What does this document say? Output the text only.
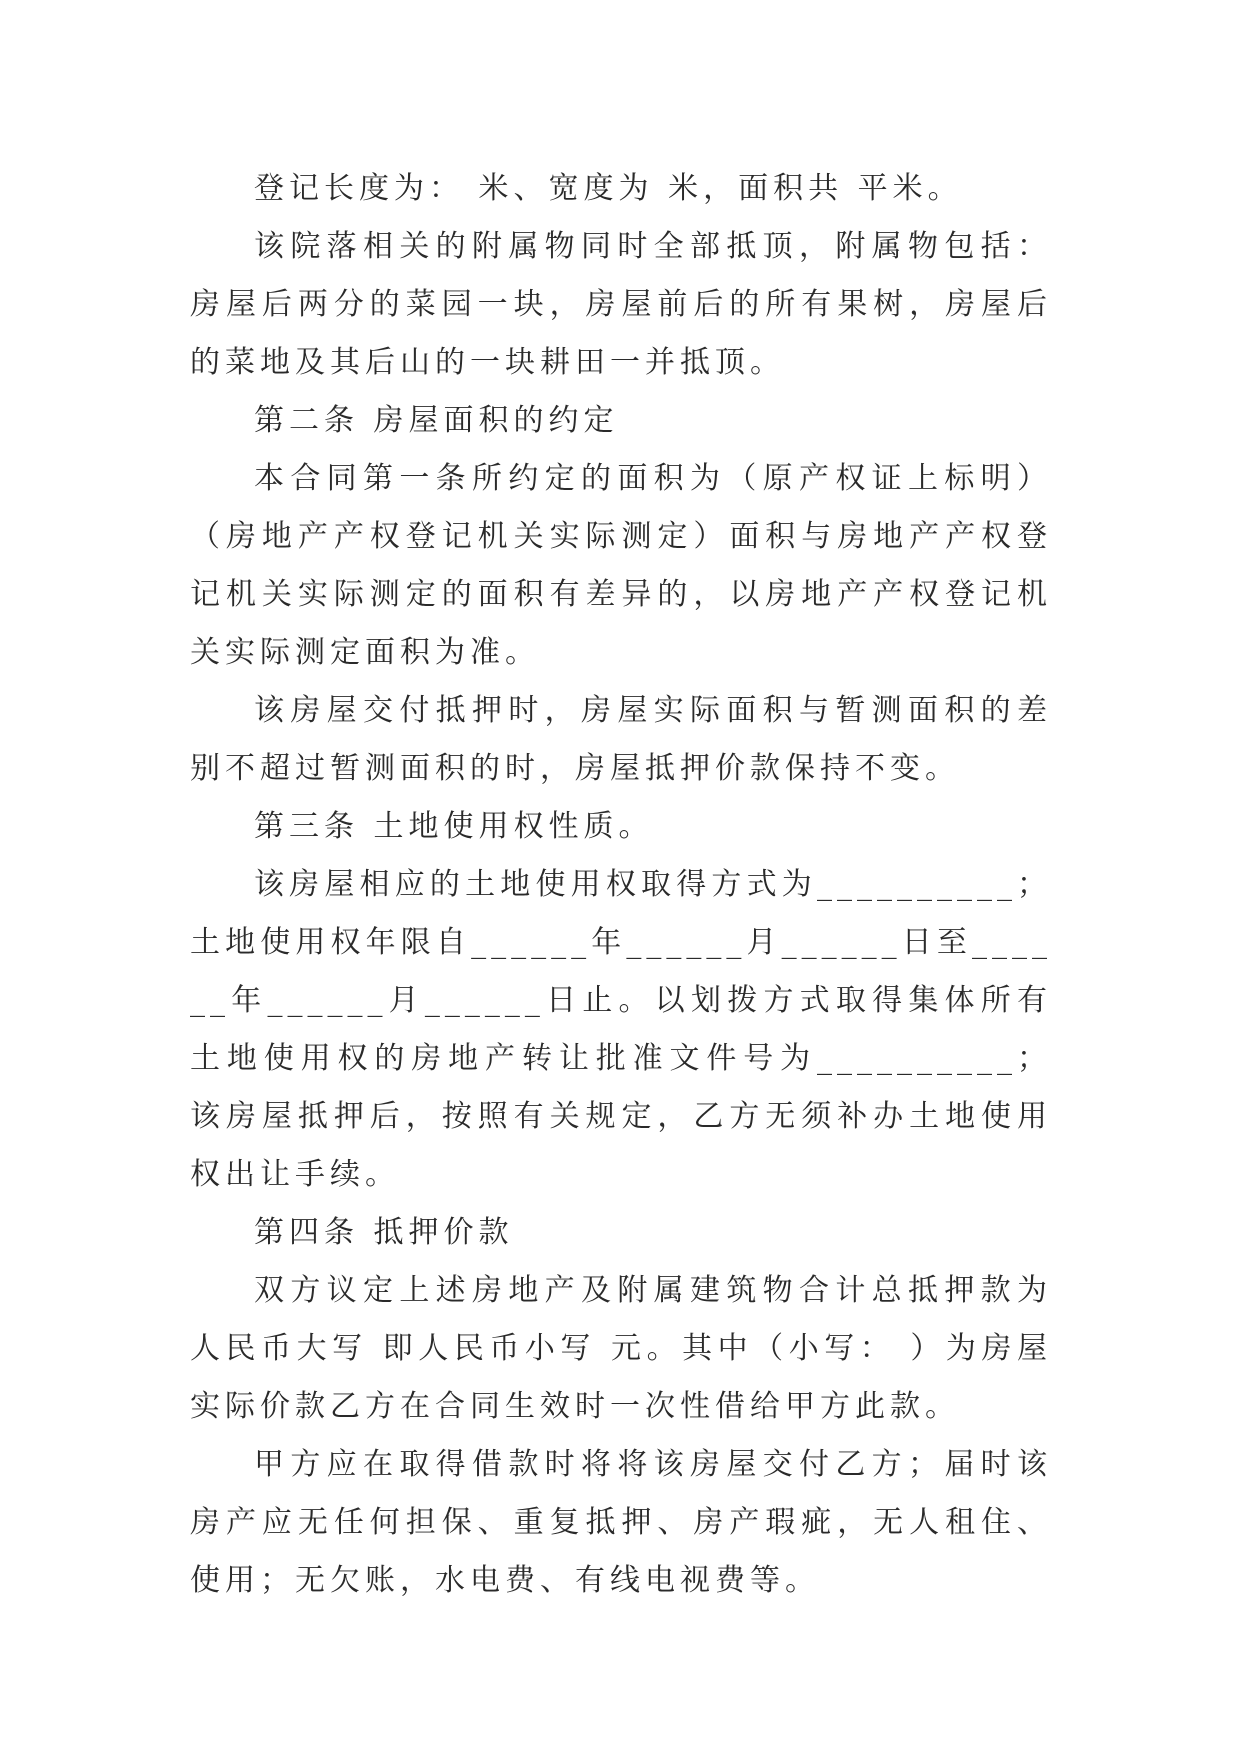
登记长度为： 米、宽度为 米，面积共 平米。

该院落相关的附属物同时全部抵顶，附属物包括：房屋后两分的菜园一块，房屋前后的所有果树，房屋后的菜地及其后山的一块耕田一并抵顶。

第二条 房屋面积的约定

本合同第一条所约定的面积为（原产权证上标明）（房地产产权登记机关实际测定）面积与房地产产权登记机关实际测定的面积有差异的，以房地产产权登记机关实际测定面积为准。

该房屋交付抵押时，房屋实际面积与暂测面积的差别不超过暂测面积的时，房屋抵押价款保持不变。

第三条 土地使用权性质。

该房屋相应的土地使用权取得方式为__________；土地使用权年限自______年______月______日至______年______月______日止。以划拨方式取得集体所有土地使用权的房地产转让批准文件号为__________；该房屋抵押后，按照有关规定，乙方无须补办土地使用权出让手续。

第四条 抵押价款

双方议定上述房地产及附属建筑物合计总抵押款为人民币大写 即人民币小写 元。其中（小写： ）为房屋实际价款乙方在合同生效时一次性借给甲方此款。

甲方应在取得借款时将将该房屋交付乙方；届时该房产应无任何担保、重复抵押、房产瑕疵，无人租住、使用；无欠账，水电费、有线电视费等。
